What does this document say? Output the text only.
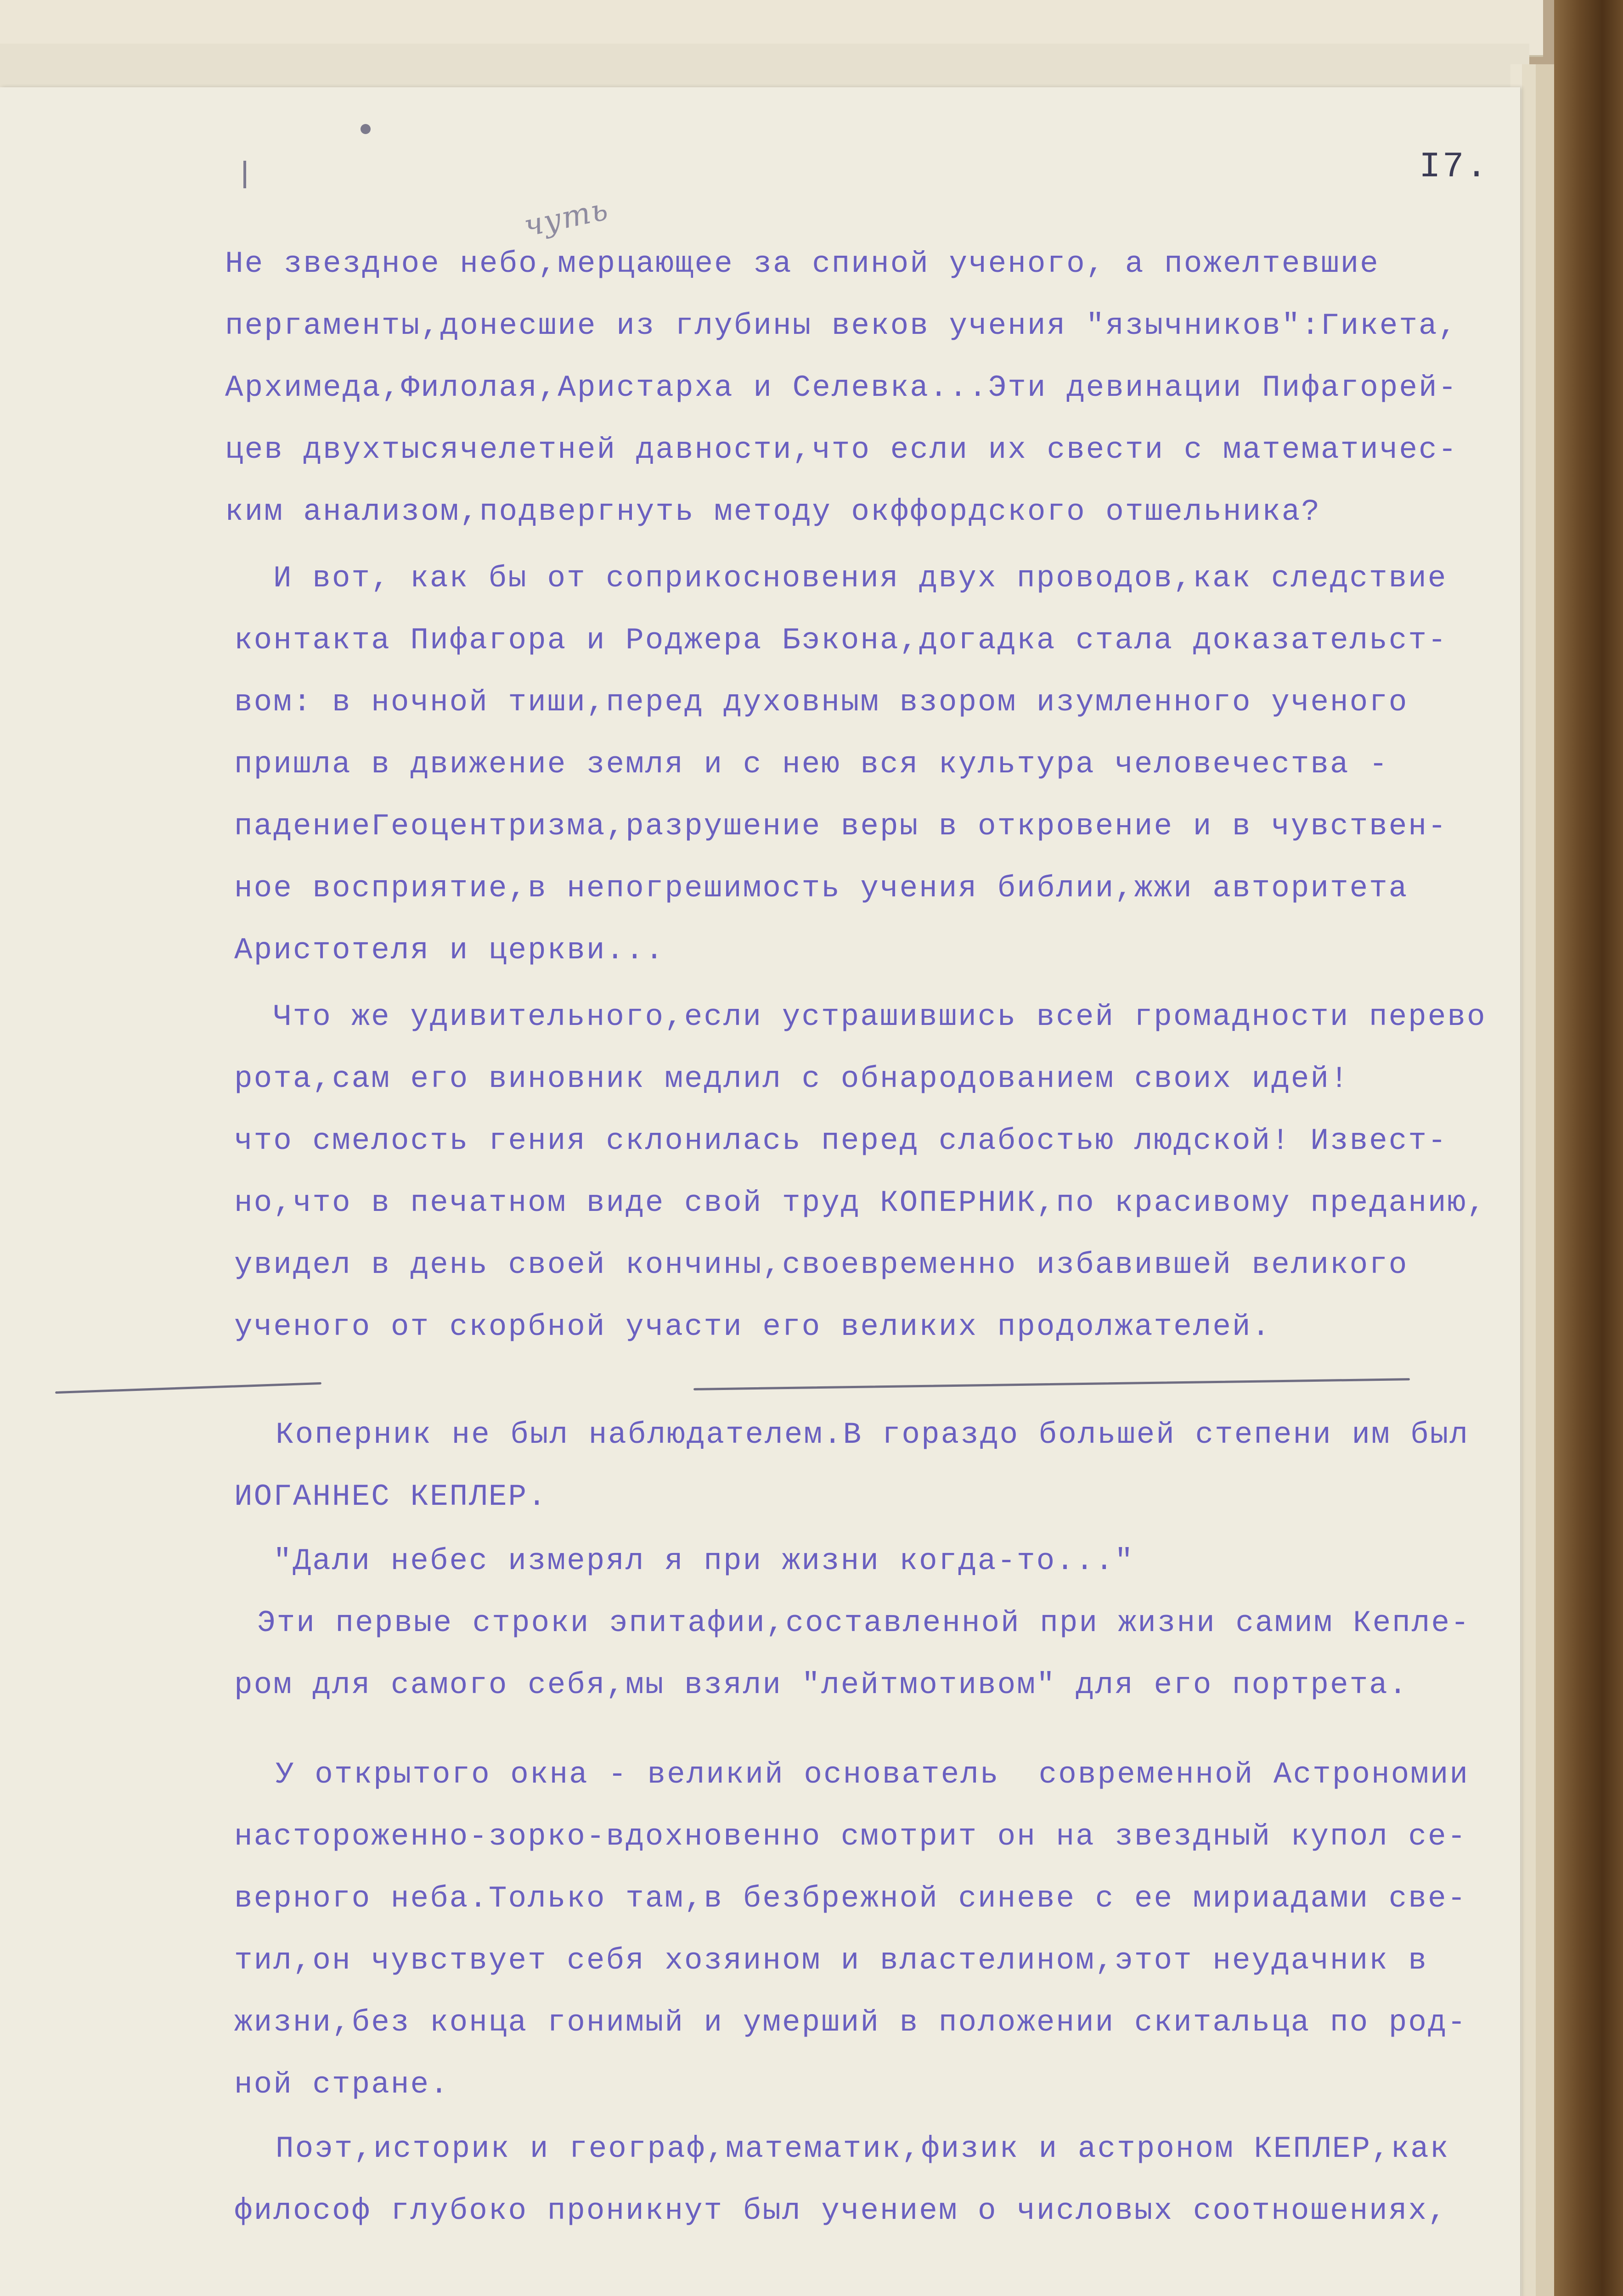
I7.
чуть
Не звездное небо,мерцающее за спиной ученого, а пожелтевшие
пергаменты,донесшие из глубины веков учения "язычников":Гикета,
Архимеда,Филолая,Аристарха и Селевка...Эти девинации Пифагорей-
цев двухтысячелетней давности,что если их свести с математичес-
ким анализом,подвергнуть методу окффордского отшельника?
И вот, как бы от соприкосновения двух проводов,как следствие
контакта Пифагора и Роджера Бэкона,догадка стала доказательст-
вом: в ночной тиши,перед духовным взором изумленного ученого
пришла в движение земля и с нею вся культура человечества -
падениеГеоцентризма,разрушение веры в откровение и в чувствен-
ное восприятие,в непогрешимость учения библии,жжи авторитета
Аристотеля и церкви...
Что же удивительного,если устрашившись всей громадности перево
рота,сам его виновник медлил с обнародованием своих идей!
что смелость гения склонилась перед слабостью людской! Извест-
но,что в печатном виде свой труд КОПЕРНИК,по красивому преданию,
увидел в день своей кончины,своевременно избавившей великого
ученого от скорбной участи его великих продолжателей.
Коперник не был наблюдателем.В гораздо большей степени им был
ИОГАННЕС КЕПЛЕР.
"Дали небес измерял я при жизни когда-то..."
Эти первые строки эпитафии,составленной при жизни самим Кепле-
ром для самого себя,мы взяли "лейтмотивом" для его портрета.
У открытого окна - великий основатель  современной Астрономии
настороженно-зорко-вдохновенно смотрит он на звездный купол се-
верного неба.Только там,в безбрежной синеве с ее мириадами све-
тил,он чувствует себя хозяином и властелином,этот неудачник в
жизни,без конца гонимый и умерший в положении скитальца по род-
ной стране.
Поэт,историк и географ,математик,физик и астроном КЕПЛЕР,как
философ глубоко проникнут был учением о числовых соотношениях,
